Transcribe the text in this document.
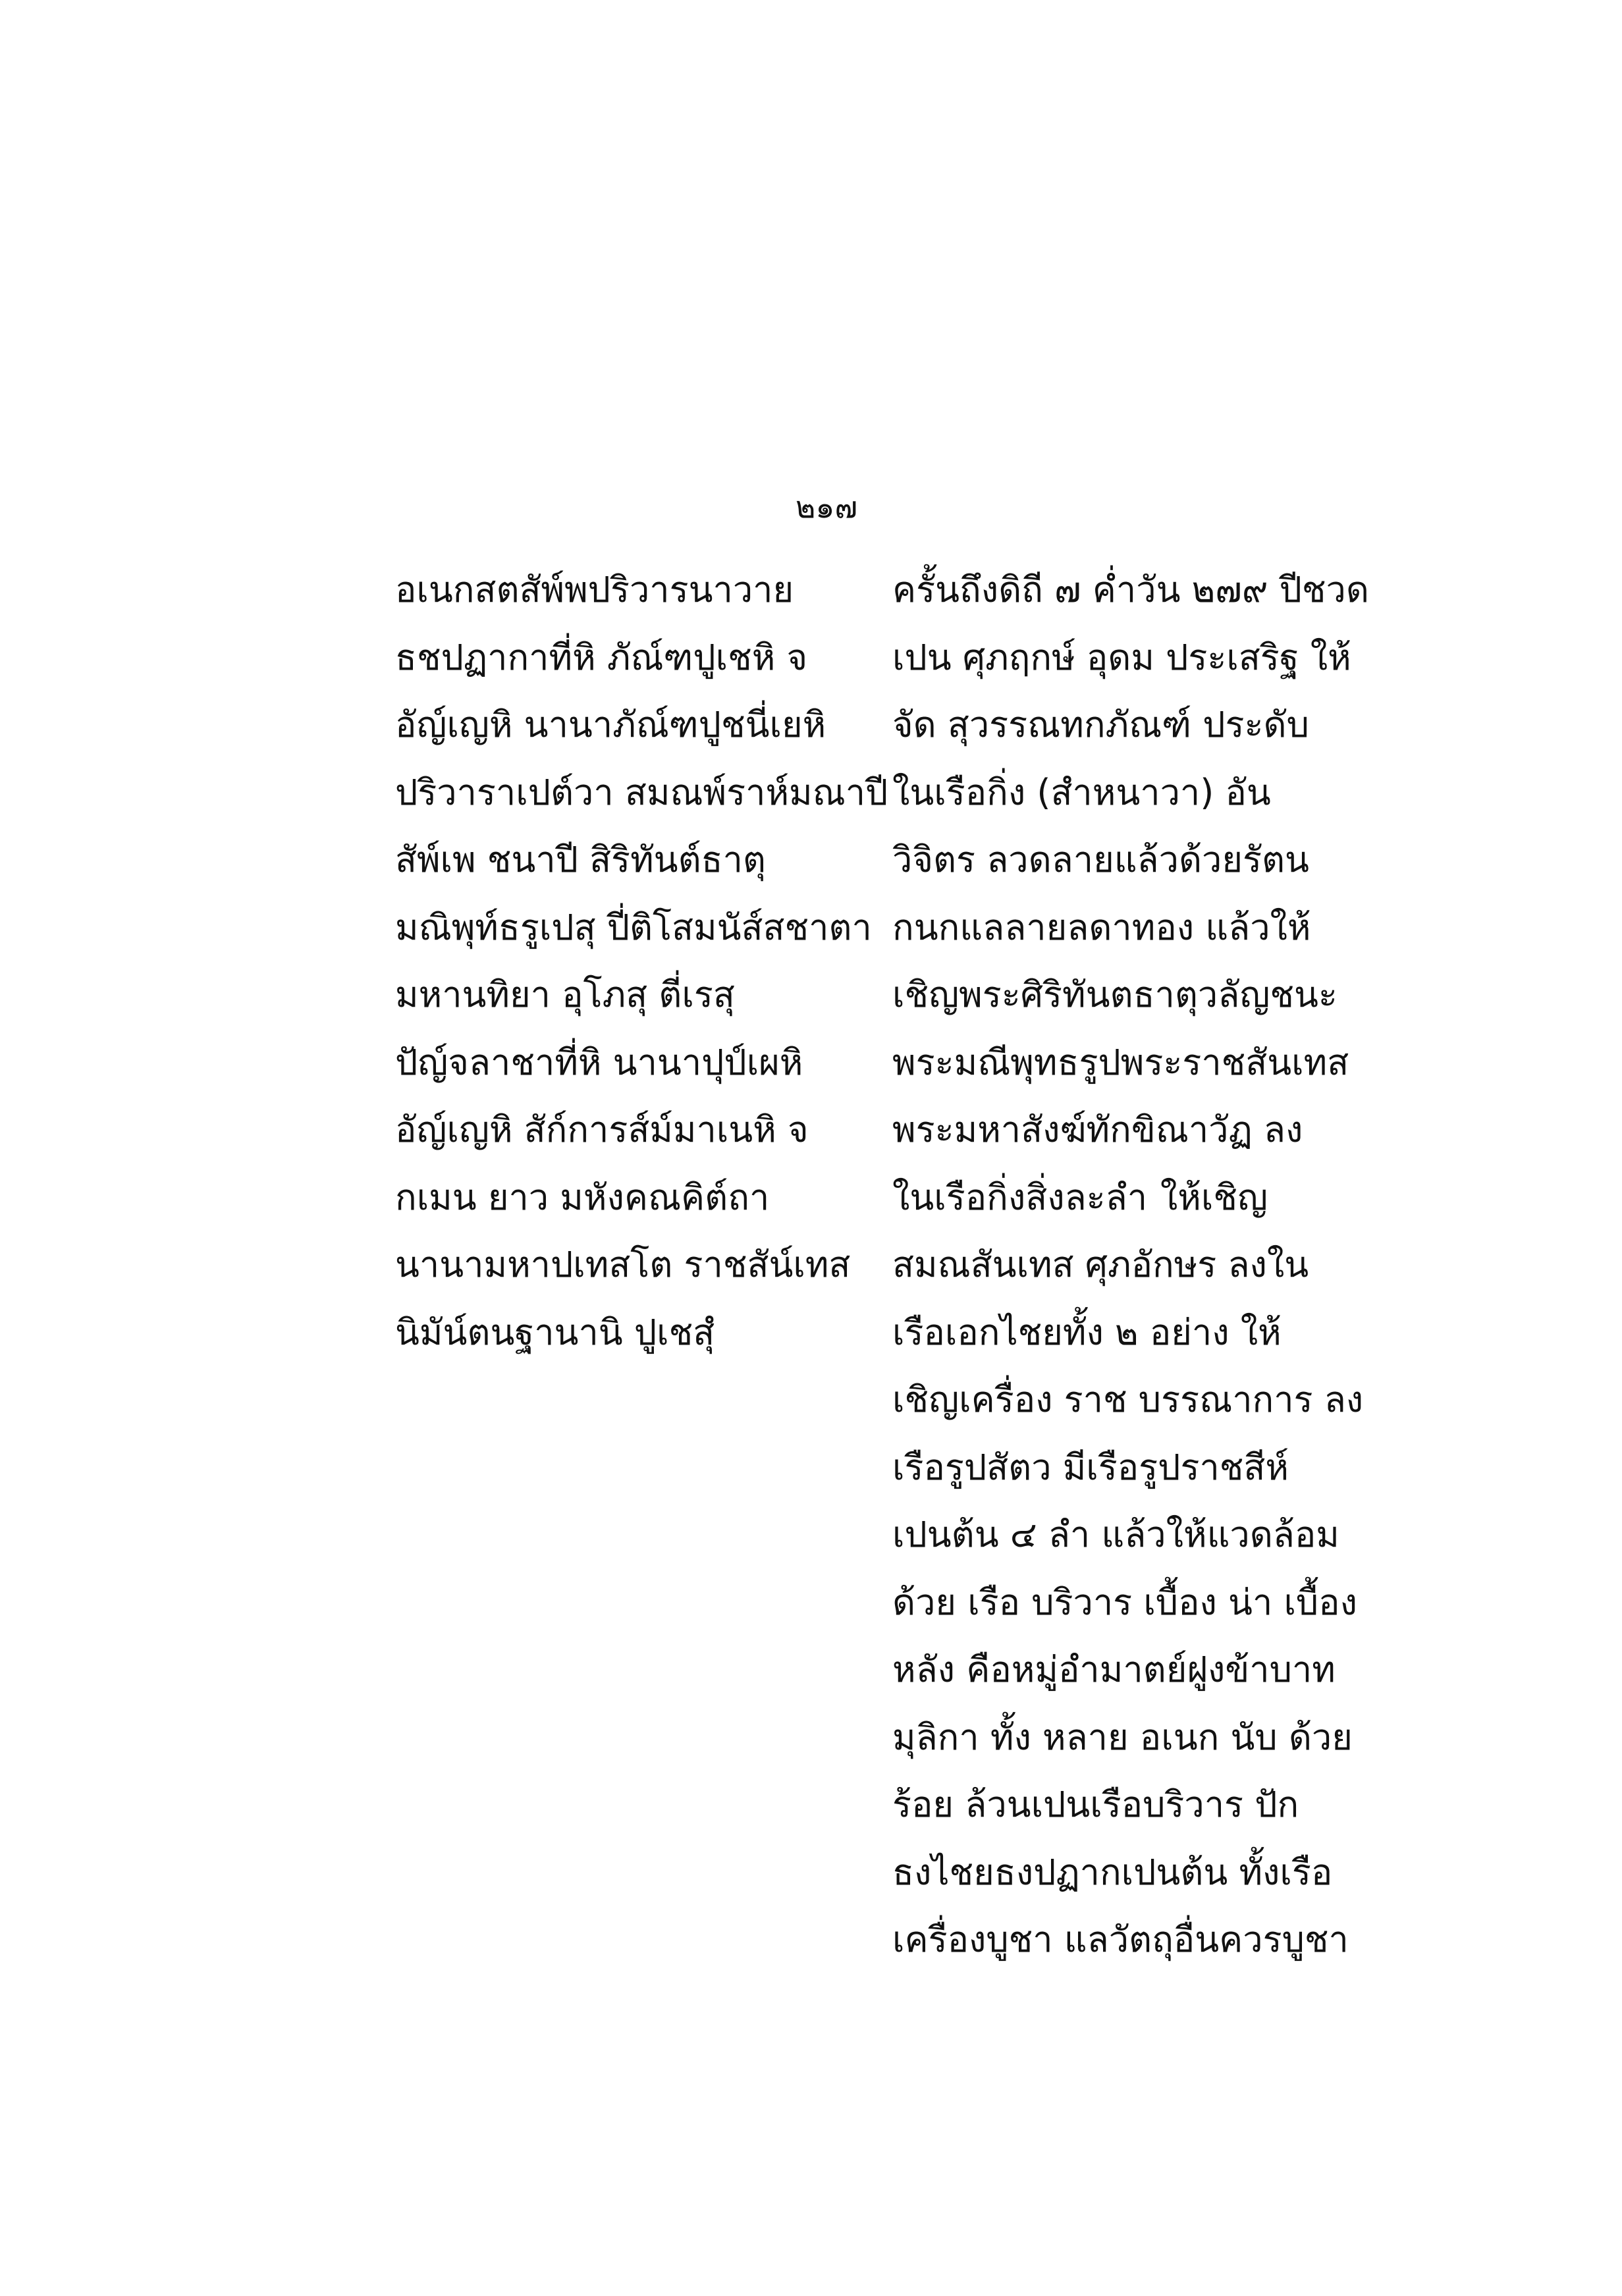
๒๑๗
อเนกสตสัพ์พปริวารนาวาย
ธชปฏากาที่หิ ภัณ์ฑปูเชหิ จ
อัญ์เญหิ นานาภัณ์ฑปูชนี่เยหิ
ปริวาราเปต์วา สมณพ์ราห์มณาปี
สัพ์เพ ชนาปี สิริทันต์ธาตุ
มณิพุท์ธรูเปสุ ปี่ติโสมนัส์สชาตา
มหานทิยา อุโภสุ ตี่เรสุ
ปัญ์จลาชาที่หิ นานาปุป์เผหิ
อัญ์เญหิ สัก์การส์ม์มาเนหิ จ
กเมน ยาว มหังคณคิต์ถา
นานามหาปเทสโต ราชสัน์เทส
นิมัน์ตนฐานานิ ปูเชสุํ
ครั้นถึงดิถี ๗ ค่ำวัน ๒๗๙ ปีชวด
เปน ศุภฤกษ์ อุดม ประเสริฐ ให้
จัด สุวรรณทกภัณฑ์ ประดับ
ในเรือกิ่ง (สำหนาวา) อัน
วิจิตร ลวดลายแล้วด้วยรัตน
กนกแลลายลดาทอง แล้วให้
เชิญพระศิริทันตธาตุวลัญชนะ
พระมณีพุทธรูปพระราชสันเทส
พระมหาสังฆ์ทักขิณาวัฏ ลง
ในเรือกิ่งสิ่งละลำ ให้เชิญ
สมณสันเทส ศุภอักษร ลงใน
เรือเอกไชยทั้ง ๒ อย่าง ให้
เชิญเครื่อง ราช บรรณาการ ลง
เรือรูปสัตว มีเรือรูปราชสีห์
เปนต้น ๔ ลำ แล้วให้แวดล้อม
ด้วย เรือ บริวาร เบื้อง น่า เบื้อง
หลัง คือหมู่อำมาตย์ฝูงข้าบาท
มุลิกา ทั้ง หลาย อเนก นับ ด้วย
ร้อย ล้วนเปนเรือบริวาร ปัก
ธงไชยธงปฏากเปนต้น ทั้งเรือ
เครื่องบูชา แลวัตถุอื่นควรบูชา
